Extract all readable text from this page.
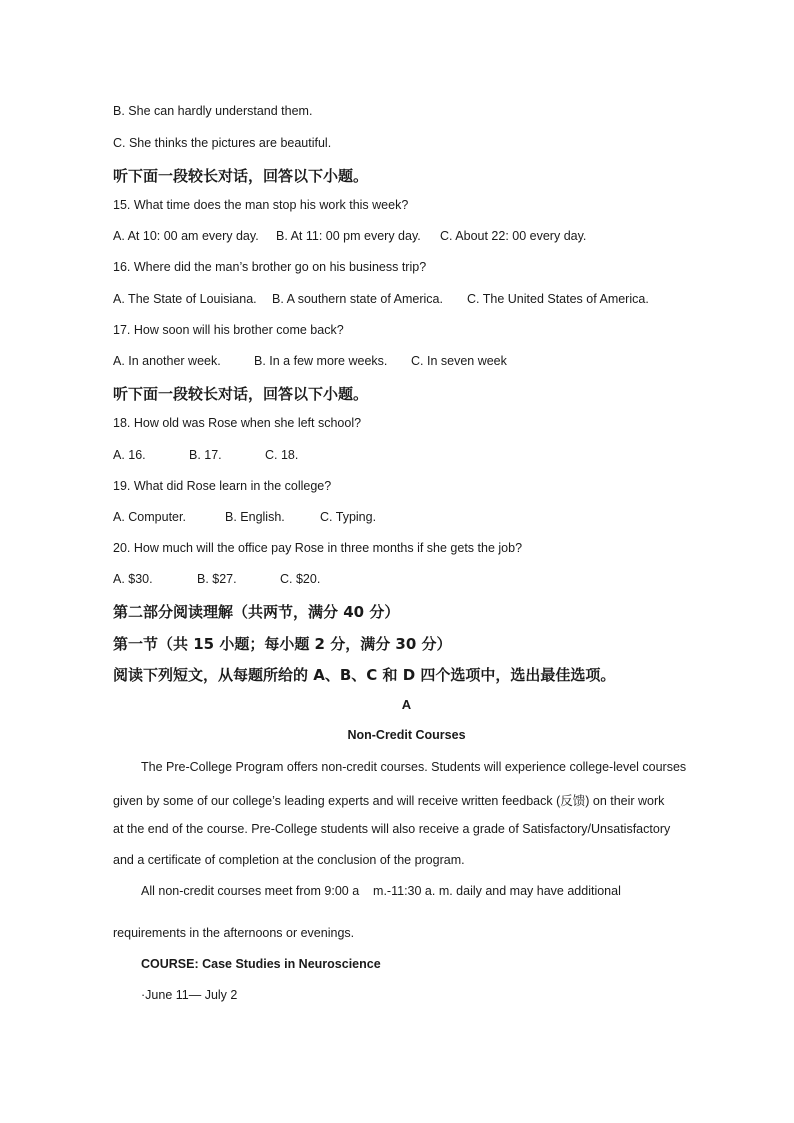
B. She can hardly understand them.
C. She thinks the pictures are beautiful.
听下面一段较长对话，回答以下小题。
15. What time does the man stop his work this week?
A. At 10: 00 am every day. B. At 11: 00 pm every day. C. About 22: 00 every day.
16. Where did the man’s brother go on his business trip?
A. The State of Louisiana. B. A southern state of America. C. The United States of America.
17. How soon will his brother come back?
A. In another week.	B. In a few more weeks. C. In seven week
听下面一段较长对话，回答以下小题。
18. How old was Rose when she left school?
A. 16.	B. 17.	C. 18.
19. What did Rose learn in the college?
A. Computer.	B. English.	C. Typing.
20. How much will the office pay Rose in three months if she gets the job?
A. $30.	B. $27.	C. $20.
第二部分阅读理解（共两节，满分 40 分）
第一节（共 15 小题；每小题 2 分，满分 30 分）
阅读下列短文，从每题所给的 A、B、C 和 D 四个选项中，选出最佳选项。
A
Non-Credit Courses
The Pre-College Program offers non-credit courses. Students will experience college-level courses
given by some of our college’s leading experts and will receive written feedback (反馈) on their work
at the end of the course. Pre-College students will also receive a grade of Satisfactory/Unsatisfactory
and a certificate of completion at the conclusion of the program.
All non-credit courses meet from 9:00 a    m.-11:30 a. m. daily and may have additional
requirements in the afternoons or evenings.
COURSE: Case Studies in Neuroscience
·June 11— July 2
